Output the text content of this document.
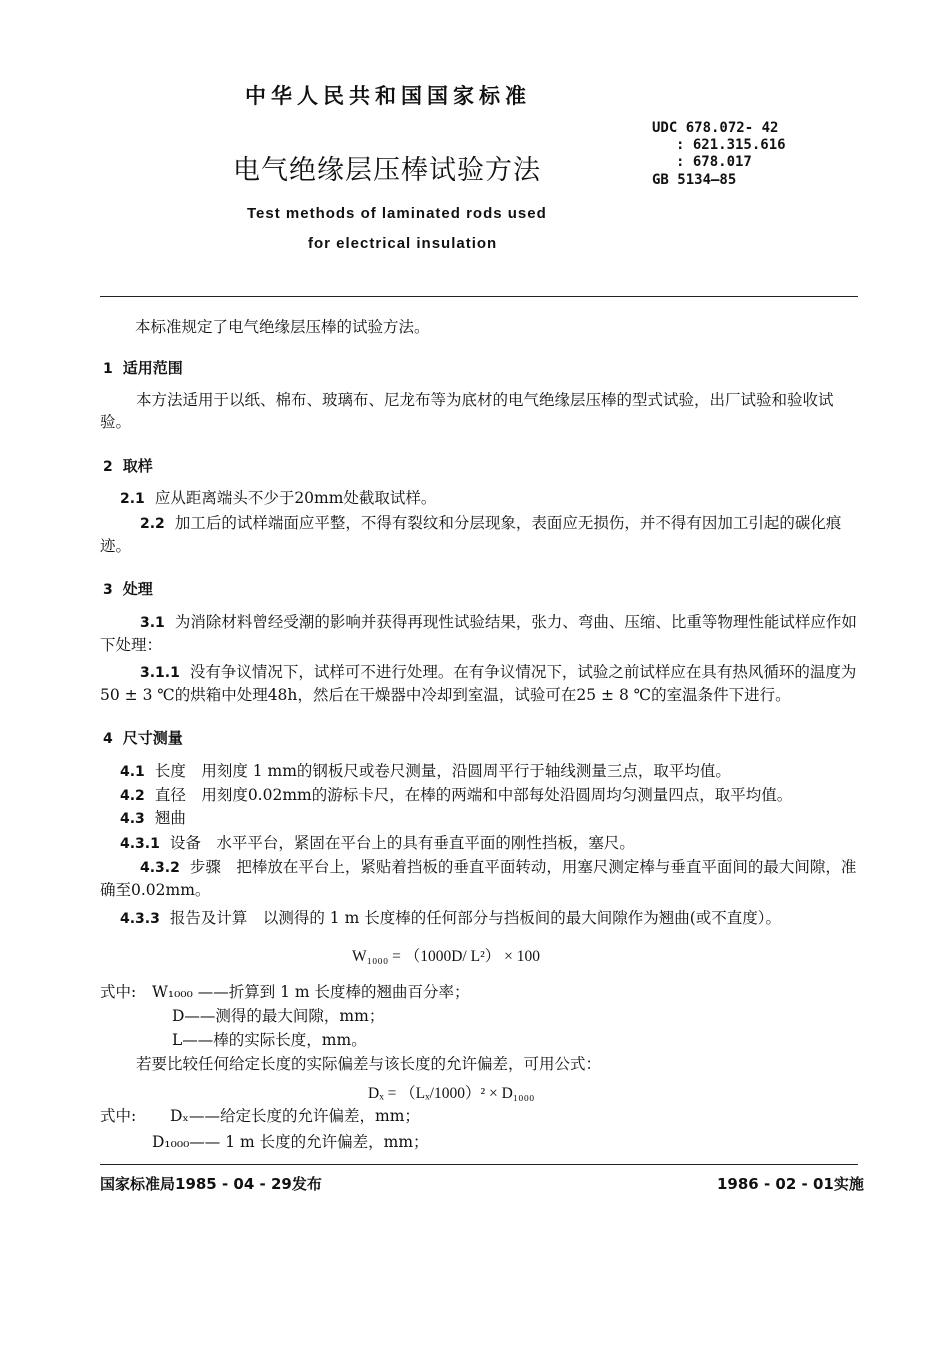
中华人民共和国国家标准
UDC 678.072- 42
: 621.315.616
: 678.017
GB 5134—85
电气绝缘层压棒试验方法
Test methods of laminated rods used
for electrical insulation
本标准规定了电气绝缘层压棒的试验方法。
1 适用范围
本方法适用于以纸、棉布、玻璃布、尼龙布等为底材的电气绝缘层压棒的型式试验，出厂试验和验收试验。
2 取样
2.1 应从距离端头不少于20mm处截取试样。
2.2 加工后的试样端面应平整，不得有裂纹和分层现象，表面应无损伤，并不得有因加工引起的碳化痕迹。
3 处理
3.1 为消除材料曾经受潮的影响并获得再现性试验结果，张力、弯曲、压缩、比重等物理性能试样应作如下处理：
3.1.1 没有争议情况下，试样可不进行处理。在有争议情况下，试验之前试样应在具有热风循环的温度为50 ± 3 ℃的烘箱中处理48h，然后在干燥器中冷却到室温，试验可在25 ± 8 ℃的室温条件下进行。
4 尺寸测量
4.1 长度　用刻度 1 mm的钢板尺或卷尺测量，沿圆周平行于轴线测量三点，取平均值。
4.2 直径　用刻度0.02mm的游标卡尺，在棒的两端和中部每处沿圆周均匀测量四点，取平均值。
4.3 翘曲
4.3.1 设备　水平平台，紧固在平台上的具有垂直平面的刚性挡板，塞尺。
4.3.2 步骤　把棒放在平台上，紧贴着挡板的垂直平面转动，用塞尺测定棒与垂直平面间的最大间隙，准确至0.02mm。
4.3.3 报告及计算　以测得的 1 m 长度棒的任何部分与挡板间的最大间隙作为翘曲(或不直度）。
W₁₀₀₀ = （1000D/ L²） × 100
式中: W₁₀₀₀ ——折算到 1 m 长度棒的翘曲百分率；
D——测得的最大间隙，mm；
L——棒的实际长度，mm。
若要比较任何给定长度的实际偏差与该长度的允许偏差，可用公式：
Dₓ = （Lₓ/1000）² × D₁₀₀₀
式中: Dₓ——给定长度的允许偏差，mm；
D₁₀₀₀—— 1 m 长度的允许偏差，mm；
国家标准局1985 - 04 - 29发布	1986 - 02 - 01实施
